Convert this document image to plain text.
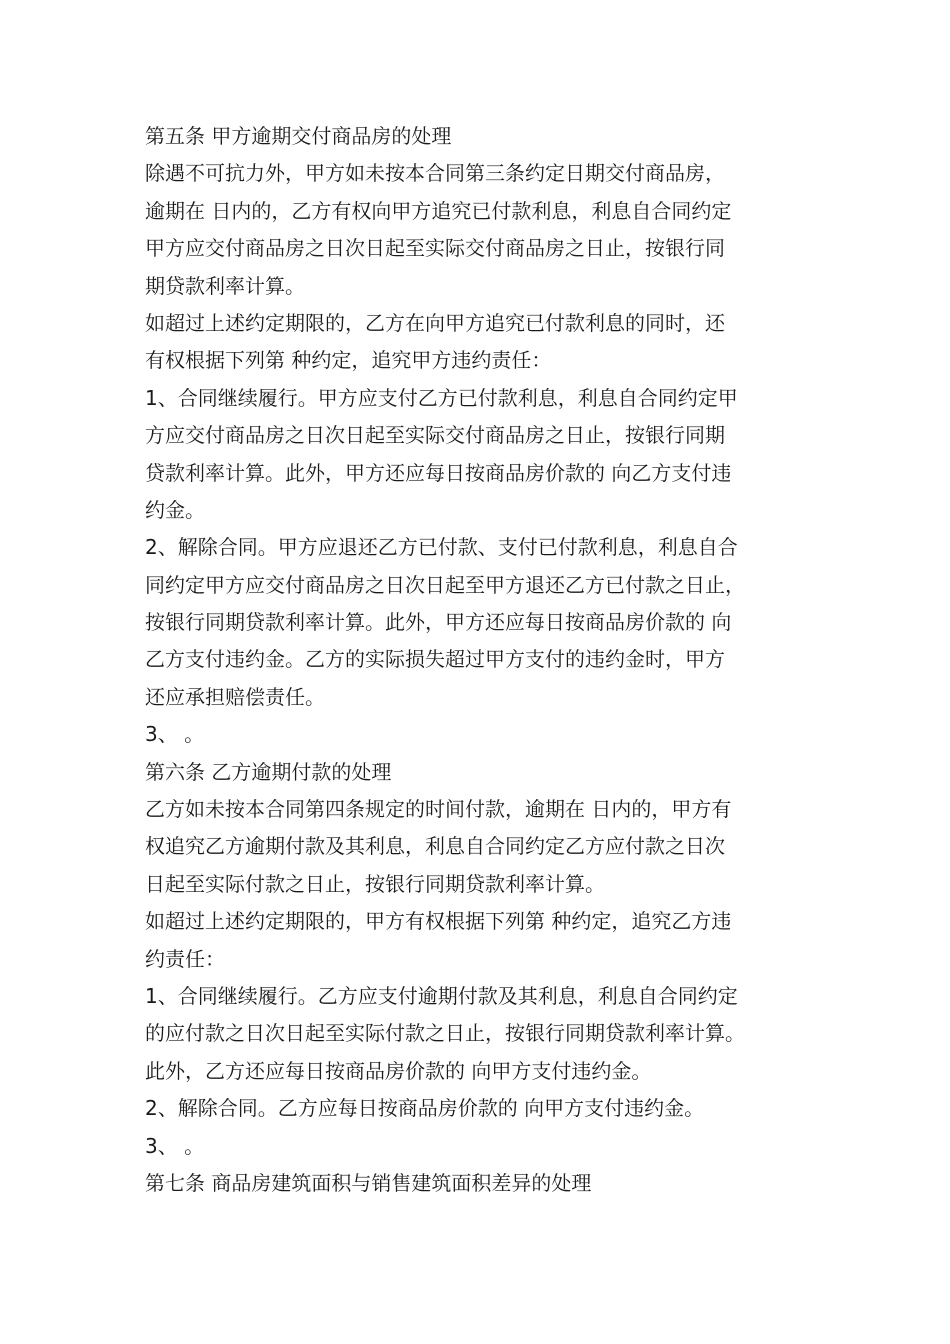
第五条 甲方逾期交付商品房的处理
除遇不可抗力外，甲方如未按本合同第三条约定日期交付商品房，
逾期在 日内的，乙方有权向甲方追究已付款利息，利息自合同约定
甲方应交付商品房之日次日起至实际交付商品房之日止，按银行同
期贷款利率计算。
如超过上述约定期限的，乙方在向甲方追究已付款利息的同时，还
有权根据下列第 种约定，追究甲方违约责任：
1、合同继续履行。甲方应支付乙方已付款利息，利息自合同约定甲
方应交付商品房之日次日起至实际交付商品房之日止，按银行同期
贷款利率计算。此外，甲方还应每日按商品房价款的 向乙方支付违
约金。
2、解除合同。甲方应退还乙方已付款、支付已付款利息，利息自合
同约定甲方应交付商品房之日次日起至甲方退还乙方已付款之日止，
按银行同期贷款利率计算。此外，甲方还应每日按商品房价款的 向
乙方支付违约金。乙方的实际损失超过甲方支付的违约金时，甲方
还应承担赔偿责任。
3、 。
第六条 乙方逾期付款的处理
乙方如未按本合同第四条规定的时间付款，逾期在 日内的，甲方有
权追究乙方逾期付款及其利息，利息自合同约定乙方应付款之日次
日起至实际付款之日止，按银行同期贷款利率计算。
如超过上述约定期限的，甲方有权根据下列第 种约定，追究乙方违
约责任：
1、合同继续履行。乙方应支付逾期付款及其利息，利息自合同约定
的应付款之日次日起至实际付款之日止，按银行同期贷款利率计算。
此外，乙方还应每日按商品房价款的 向甲方支付违约金。
2、解除合同。乙方应每日按商品房价款的 向甲方支付违约金。
3、 。
第七条 商品房建筑面积与销售建筑面积差异的处理
